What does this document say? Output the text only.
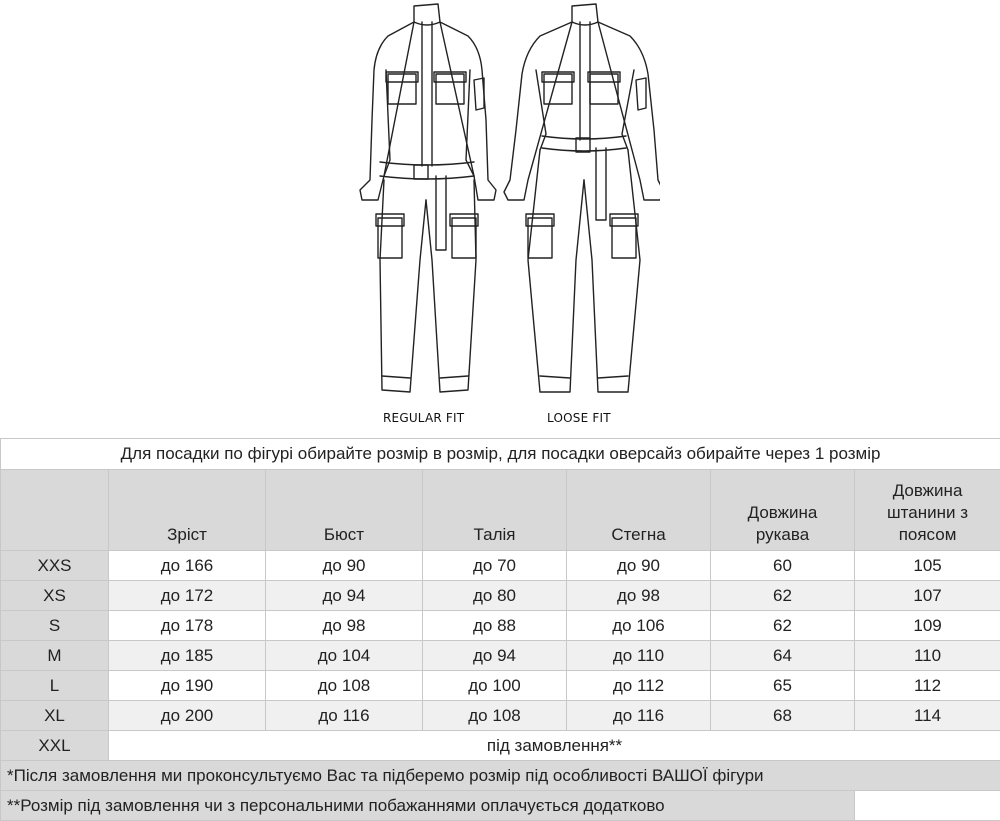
REGULAR FIT	LOOSE FIT
Для посадки по фігурі обирайте розмір в розмір, для посадки оверсайз обирайте через 1 розмір						
	Зріст	Бюст	Талія	Стегна	Довжина рукава	Довжина штанини з поясом
XXS	до 166	до 90	до 70	до 90	60	105
XS	до 172	до 94	до 80	до 98	62	107
S	до 178	до 98	до 88	до 106	62	109
M	до 185	до 104	до 94	до 110	64	110
L	до 190	до 108	до 100	до 112	65	112
XL	до 200	до 116	до 108	до 116	68	114
XXL	під замовлення**					
*Після замовлення ми проконсультуємо Вас та підберемо розмір під особливості ВАШОЇ фігури						
**Розмір під замовлення чи з персональними побажаннями оплачується додатково						
